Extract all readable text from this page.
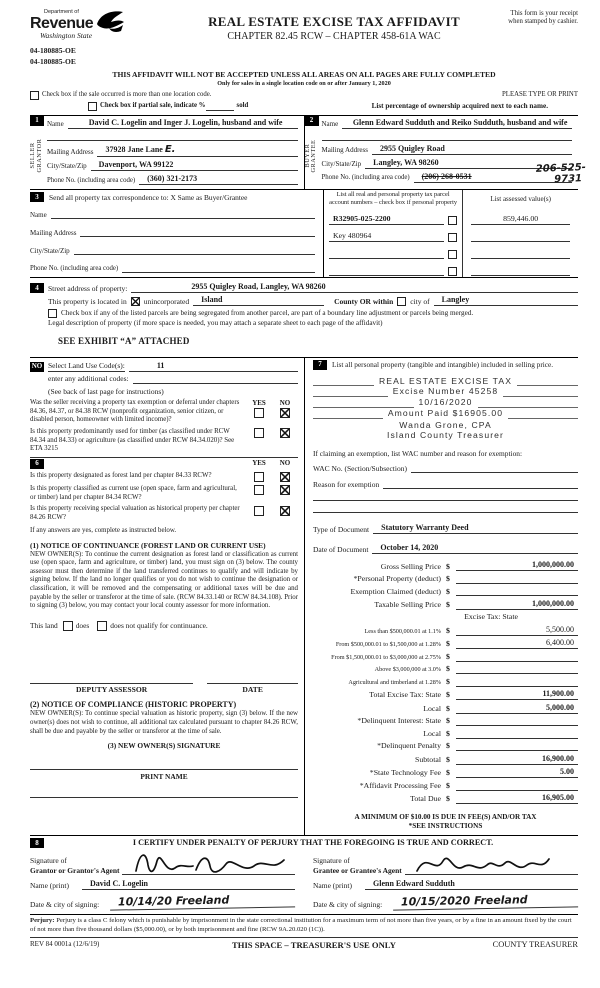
Department of
Revenue
Washington State
04-180885-OE
04-180885-OE
REAL ESTATE EXCISE TAX AFFIDAVIT
CHAPTER 82.45 RCW – CHAPTER 458-61A WAC
This form is your receipt
when stamped by cashier.
THIS AFFIDAVIT WILL NOT BE ACCEPTED UNLESS ALL AREAS ON ALL PAGES ARE FULLY COMPLETED
Only for sales in a single location code on or after January 1, 2020
Check box if the sale occurred is more than one location code.	PLEASE TYPE OR PRINT
Check box if partial sale, indicate %	sold	List percentage of ownership acquired next to each name.
1
SELLER GRANTOR
Name	David C. Logelin and Inger J. Logelin, husband and wife
Mailing Address	37928 Jane Lane E.
City/State/Zip	Davenport, WA 99122
Phone No. (including area code)	(360) 321-2173
2
BUYER GRANTEE
Name	Glenn Edward Sudduth and Reiko Sudduth, husband and wife
Mailing Address	2955 Quigley Road
City/State/Zip	Langley, WA 98260
Phone No. (including area code)	(206) 268-0531
206-525-
9731
3	Send all property tax correspondence to: X Same as Buyer/Grantee
Name
Mailing Address
City/State/Zip
Phone No. (including area code)
List all real and personal property tax parcel account numbers – check box if personal property	List assessed value(s)
R32905-025-2200	859,446.00
Key 480964
4	Street address of property:	2955 Quigley Road, Langley, WA 98260
This property is located in unincorporated	Island	County OR within city of	Langley
Check box if any of the listed parcels are being segregated from another parcel, are part of a boundary line adjustment or parcels being merged.
Legal description of property (if more space is needed, you may attach a separate sheet to each page of the affidavit)
SEE EXHIBIT “A” ATTACHED
NO Select Land Use Code(s):	11
enter any additional codes:
(See back of last page for instructions)
Was the seller receiving a property tax exemption or deferral under chapters 84.36, 84.37, or 84.38 RCW (nonprofit organization, senior citizen, or disabled person, homeowner with limited income)?
YES	NO
Is this property predominantly used for timber (as classified under RCW 84.34 and 84.33) or agriculture (as classified under RCW 84.34.020)? See ETA 3215
6	YES	NO
Is this property designated as forest land per chapter 84.33 RCW?
Is this property classified as current use (open space, farm and agricultural, or timber) land per chapter 84.34 RCW?
Is this property receiving special valuation as historical property per chapter 84.26 RCW?
If any answers are yes, complete as instructed below.
(1) NOTICE OF CONTINUANCE (FOREST LAND OR CURRENT USE)
NEW OWNER(S): To continue the current designation as forest land or classification as current use (open space, farm and agriculture, or timber) land, you must sign on (3) below. The county assessor must then determine if the land transferred continues to qualify and will indicate by signing below. If the land no longer qualifies or you do not wish to continue the designation or classification, it will be removed and the compensating or additional taxes will be due and payable by the seller or transferor at the time of sale. (RCW 84.33.140 or RCW 84.34.108). Prior to signing (3) below, you may contact your local county assessor for more information.
This land	does	does not qualify for continuance.
DEPUTY ASSESSOR	DATE
(2) NOTICE OF COMPLIANCE (HISTORIC PROPERTY)
NEW OWNER(S): To continue special valuation as historic property, sign (3) below. If the new owner(s) does not wish to continue, all additional tax calculated pursuant to chapter 84.26 RCW, shall be due and payable by the seller or transferor at the time of sale.
(3) NEW OWNER(S) SIGNATURE
PRINT NAME
7	List all personal property (tangible and intangible) included in selling price.
REAL ESTATE EXCISE TAX
Excise Number 45258
10/16/2020
Amount Paid $16905.00
Wanda Grone, CPA
Island County Treasurer
If claiming an exemption, list WAC number and reason for exemption:
WAC No. (Section/Subsection)
Reason for exemption
Type of Document	Statutory Warranty Deed
Date of Document	October 14, 2020
Gross Selling Price $	1,000,000.00
*Personal Property (deduct) $
Exemption Claimed (deduct) $
Taxable Selling Price $	1,000,000.00
Excise Tax: State
Less than $500,000.01 at 1.1% $	5,500.00
From $500,000.01 to $1,500,000 at 1.28% $	6,400.00
From $1,500,000.01 to $3,000,000 at 2.75% $
Above $3,000,000 at 3.0% $
Agricultural and timberland at 1.28% $
Total Excise Tax: State $	11,900.00
Local $	5,000.00
*Delinquent Interest: State $
Local $
*Delinquent Penalty $
Subtotal $	16,900.00
*State Technology Fee $	5.00
*Affidavit Processing Fee $
Total Due $	16,905.00
A MINIMUM OF $10.00 IS DUE IN FEE(S) AND/OR TAX
*SEE INSTRUCTIONS
8	I CERTIFY UNDER PENALTY OF PERJURY THAT THE FOREGOING IS TRUE AND CORRECT.
Signature of
Grantor or Grantor's Agent
Name (print)	David C. Logelin
Date & city of signing:	10/14/20 Freeland
Signature of
Grantee or Grantee's Agent
Name (print)	Glenn Edward Sudduth
Date & city of signing:	10/15/2020 Freeland
Perjury: Perjury is a class C felony which is punishable by imprisonment in the state correctional institution for a maximum term of not more than five years, or by a fine in an amount fixed by the court of not more than five thousand dollars ($5,000.00), or by both imprisonment and fine (RCW 9A.20.020 (1C)).
REV 84 0001a (12/6/19)	THIS SPACE – TREASURER'S USE ONLY	COUNTY TREASURER
